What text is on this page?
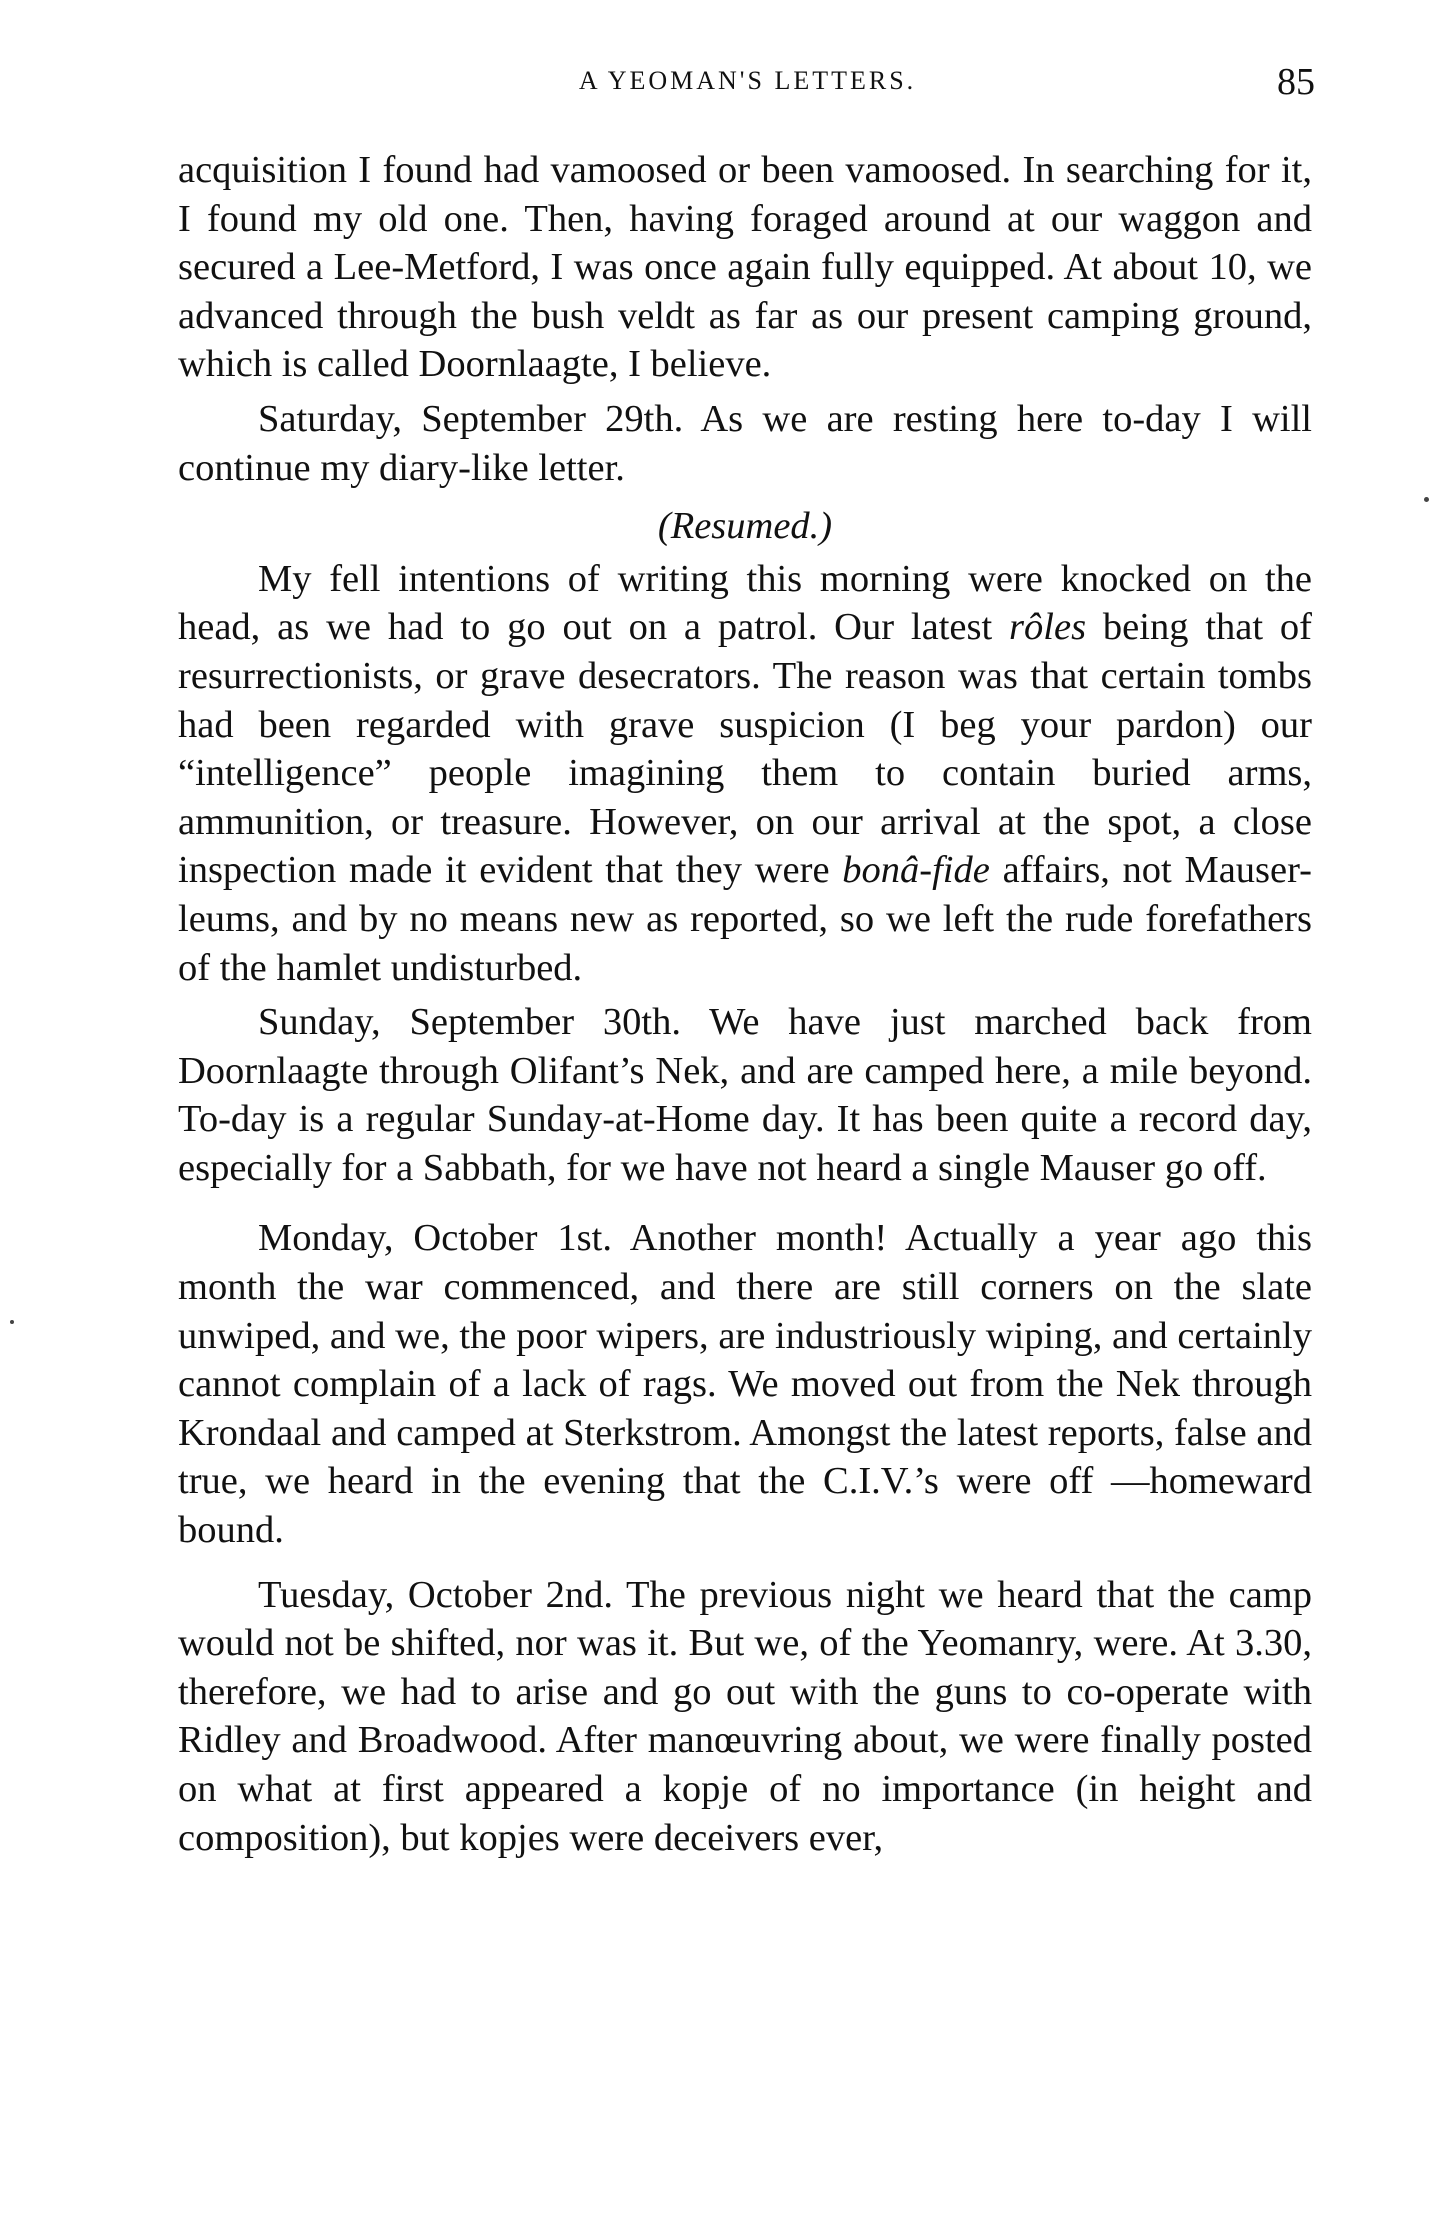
A YEOMAN'S LETTERS.	85

acquisition I found had vamoosed or been vamoosed. In searching for it, I found my old one. Then, having foraged around at our waggon and secured a Lee-Metford, I was once again fully equipped. At about 10, we advanced through the bush veldt as far as our present camping ground, which is called Doornlaagte, I believe.

Saturday, September 29th. As we are resting here to-day I will continue my diary-like letter.

(Resumed.)

My fell intentions of writing this morning were knocked on the head, as we had to go out on a patrol. Our latest rôles being that of resurrectionists, or grave desecrators. The reason was that certain tombs had been regarded with grave suspicion (I beg your pardon) our “intelligence” people imagining them to contain buried arms, ammunition, or treasure. However, on our arrival at the spot, a close inspection made it evident that they were bonâ-fide affairs, not Mauser-leums, and by no means new as reported, so we left the rude forefathers of the hamlet undisturbed.

Sunday, September 30th. We have just marched back from Doornlaagte through Olifant’s Nek, and are camped here, a mile beyond. To-day is a regular Sunday-at-Home day. It has been quite a record day, especially for a Sabbath, for we have not heard a single Mauser go off.

Monday, October 1st. Another month! Actually a year ago this month the war commenced, and there are still corners on the slate unwiped, and we, the poor wipers, are industriously wiping, and certainly cannot complain of a lack of rags. We moved out from the Nek through Krondaal and camped at Sterkstrom. Amongst the latest reports, false and true, we heard in the evening that the C.I.V.’s were off —homeward bound.

Tuesday, October 2nd. The previous night we heard that the camp would not be shifted, nor was it. But we, of the Yeomanry, were. At 3.30, therefore, we had to arise and go out with the guns to co-operate with Ridley and Broadwood. After manœuvring about, we were finally posted on what at first appeared a kopje of no importance (in height and composition), but kopjes were deceivers ever,
